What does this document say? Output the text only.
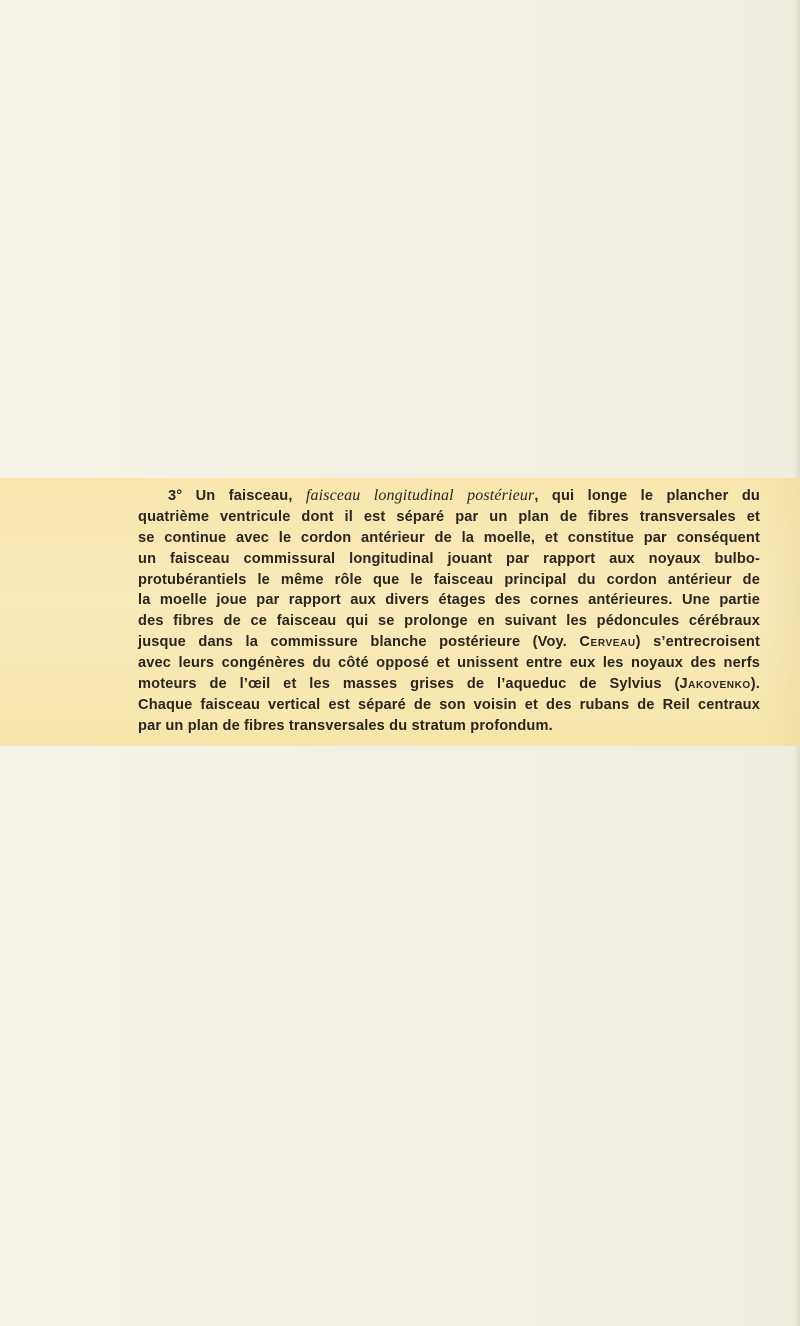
3° Un faisceau, faisceau longitudinal postérieur, qui longe le plancher du
quatrième ventricule dont il est séparé par un plan de fibres transversales et
se continue avec le cordon antérieur de la moelle, et constitue par conséquent
un faisceau commissural longitudinal jouant par rapport aux noyaux bulbo-
protubérantiels le même rôle que le faisceau principal du cordon antérieur de
la moelle joue par rapport aux divers étages des cornes antérieures. Une partie
des fibres de ce faisceau qui se prolonge en suivant les pédoncules cérébraux
jusque dans la commissure blanche postérieure (Voy. Cerveau) s’entrecroisent
avec leurs congénères du côté opposé et unissent entre eux les noyaux des nerfs
moteurs de l’œil et les masses grises de l’aqueduc de Sylvius (Jakovenko).
Chaque faisceau vertical est séparé de son voisin et des rubans de Reil centraux
par un plan de fibres transversales du stratum profondum.
